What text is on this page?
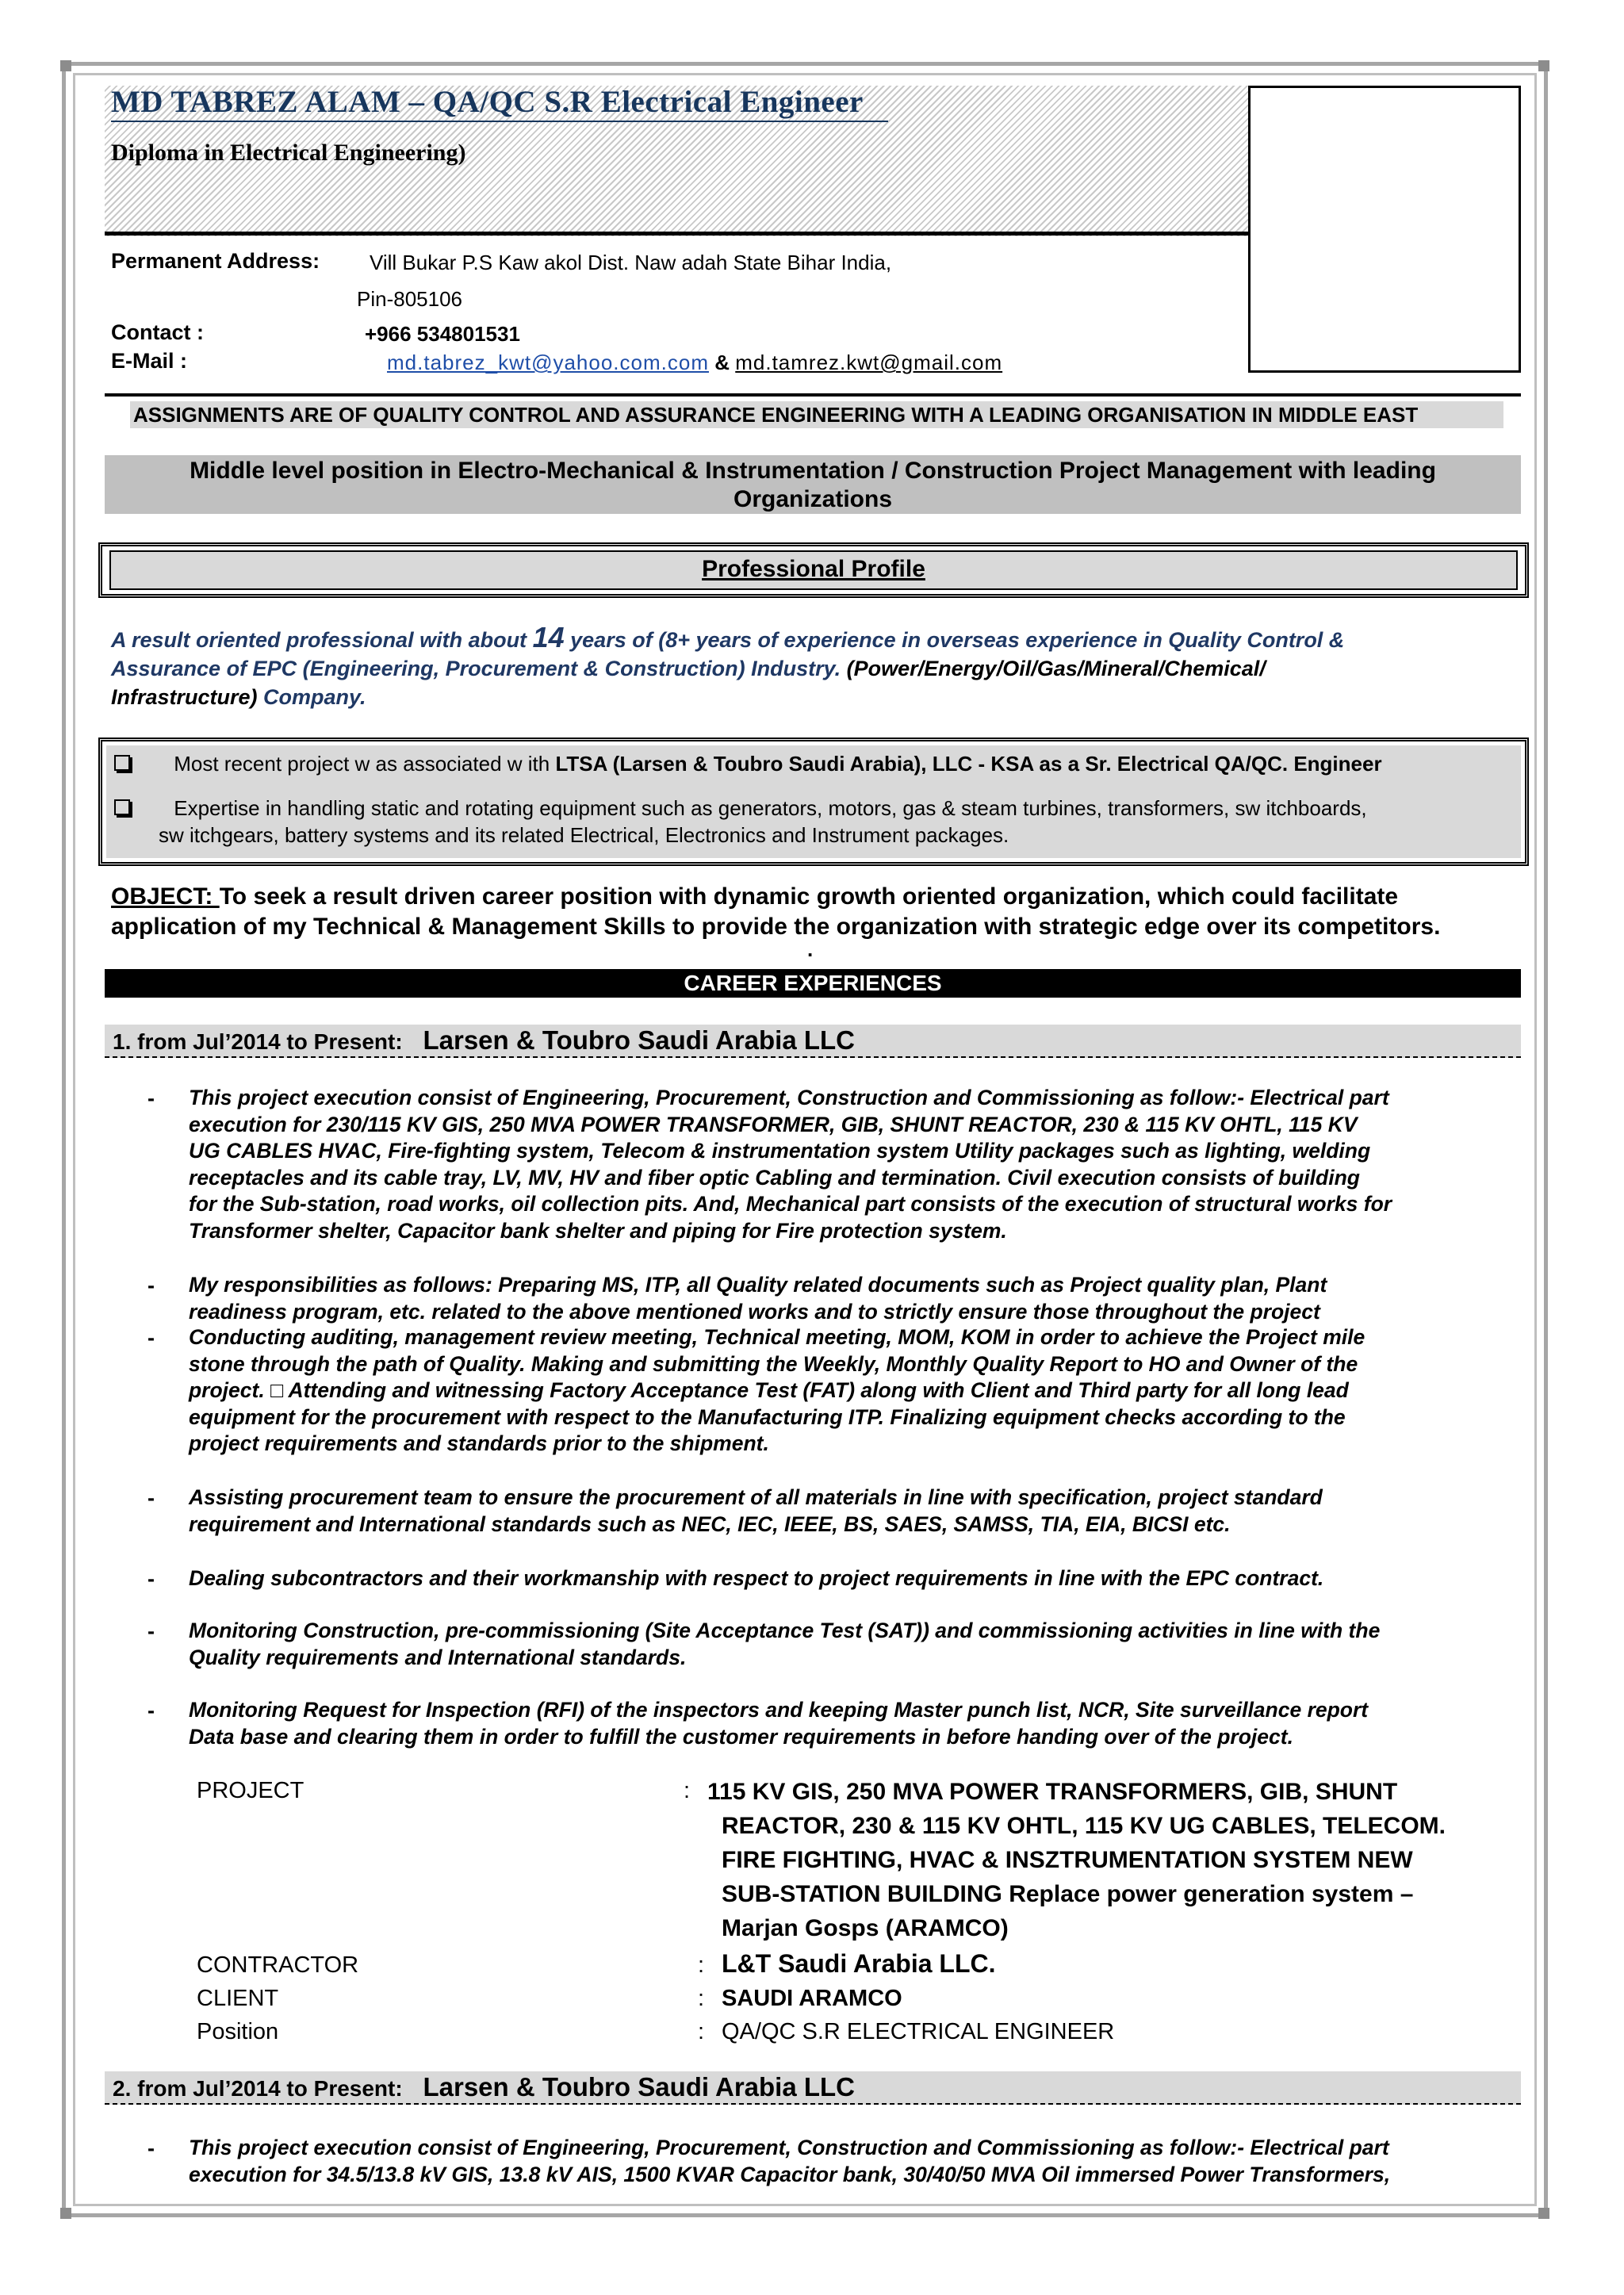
MD TABREZ ALAM – QA/QC S.R Electrical Engineer
Diploma in Electrical Engineering)
Permanent Address: Vill Bukar P.S Kaw akol Dist. Naw adah State Bihar India,
Pin-805106
Contact :	+966 534801531
E-Mail :	md.tabrez_kwt@yahoo.com.com & md.tamrez.kwt@gmail.com
ASSIGNMENTS ARE OF QUALITY CONTROL AND ASSURANCE ENGINEERING WITH A LEADING ORGANISATION IN MIDDLE EAST
Middle level position in Electro-Mechanical & Instrumentation / Construction Project Management with leading
Organizations
Professional Profile
A result oriented professional with about 14 years of (8+ years of experience in overseas experience in Quality Control &
Assurance of EPC (Engineering, Procurement & Construction) Industry. (Power/Energy/Oil/Gas/Mineral/Chemical/
Infrastructure) Company.
Most recent project w as associated w ith LTSA (Larsen & Toubro Saudi Arabia), LLC - KSA as a Sr. Electrical QA/QC. Engineer
Expertise in handling static and rotating equipment such as generators, motors, gas & steam turbines, transformers, sw itchboards,
sw itchgears, battery systems and its related Electrical, Electronics and Instrument packages.
OBJECT: To seek a result driven career position with dynamic growth oriented organization, which could facilitate
application of my Technical & Management Skills to provide the organization with strategic edge over its competitors.
.
CAREER EXPERIENCES
1. from Jul’2014 to Present: Larsen & Toubro Saudi Arabia LLC
- This project execution consist of Engineering, Procurement, Construction and Commissioning as follow:- Electrical part
execution for 230/115 KV GIS, 250 MVA POWER TRANSFORMER, GIB, SHUNT REACTOR, 230 & 115 KV OHTL, 115 KV
UG CABLES HVAC, Fire-fighting system, Telecom & instrumentation system Utility packages such as lighting, welding
receptacles and its cable tray, LV, MV, HV and fiber optic Cabling and termination. Civil execution consists of building
for the Sub-station, road works, oil collection pits. And, Mechanical part consists of the execution of structural works for
Transformer shelter, Capacitor bank shelter and piping for Fire protection system.
- My responsibilities as follows: Preparing MS, ITP, all Quality related documents such as Project quality plan, Plant
readiness program, etc. related to the above mentioned works and to strictly ensure those throughout the project
- Conducting auditing, management review meeting, Technical meeting, MOM, KOM in order to achieve the Project mile
stone through the path of Quality. Making and submitting the Weekly, Monthly Quality Report to HO and Owner of the
project. □ Attending and witnessing Factory Acceptance Test (FAT) along with Client and Third party for all long lead
equipment for the procurement with respect to the Manufacturing ITP. Finalizing equipment checks according to the
project requirements and standards prior to the shipment.
- Assisting procurement team to ensure the procurement of all materials in line with specification, project standard
requirement and International standards such as NEC, IEC, IEEE, BS, SAES, SAMSS, TIA, EIA, BICSI etc.
- Dealing subcontractors and their workmanship with respect to project requirements in line with the EPC contract.
- Monitoring Construction, pre-commissioning (Site Acceptance Test (SAT)) and commissioning activities in line with the
Quality requirements and International standards.
- Monitoring Request for Inspection (RFI) of the inspectors and keeping Master punch list, NCR, Site surveillance report
Data base and clearing them in order to fulfill the customer requirements in before handing over of the project.
PROJECT	: 115 KV GIS, 250 MVA POWER TRANSFORMERS, GIB, SHUNT
REACTOR, 230 & 115 KV OHTL, 115 KV UG CABLES, TELECOM.
FIRE FIGHTING, HVAC & INSZTRUMENTATION SYSTEM NEW
SUB-STATION BUILDING Replace power generation system –
Marjan Gosps (ARAMCO)
CONTRACTOR	: L&T Saudi Arabia LLC.
CLIENT	: SAUDI ARAMCO
Position	: QA/QC S.R ELECTRICAL ENGINEER
2. from Jul’2014 to Present: Larsen & Toubro Saudi Arabia LLC
- This project execution consist of Engineering, Procurement, Construction and Commissioning as follow:- Electrical part
execution for 34.5/13.8 kV GIS, 13.8 kV AIS, 1500 KVAR Capacitor bank, 30/40/50 MVA Oil immersed Power Transformers,
